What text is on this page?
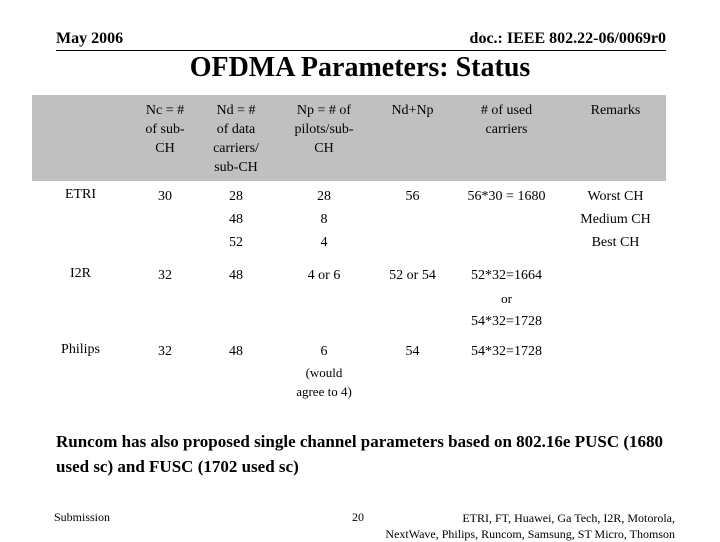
May 2006	doc.: IEEE 802.22-06/0069r0
OFDMA Parameters: Status

	Nc = #
of sub-
CH	Nd = #
of data
carriers/
sub-CH	Np = # of
pilots/sub-
CH	Nd+Np	# of used
carriers	Remarks

ETRI	30	28
48
52	28
8
4	56	56*30 = 1680	Worst CH
Medium CH
Best CH

I2R	32	48	4 or 6	52 or 54	52*32=1664
or
54*32=1728	

Philips	32	48	6
(would
agree to 4)	54	54*32=1728	

Runcom has also proposed single channel parameters based on 802.16e PUSC (1680 used sc) and FUSC (1702 used sc)
Submission	20	ETRI, FT, Huawei, Ga Tech, I2R, Motorola,
NextWave, Philips, Runcom, Samsung, ST Micro, Thomson
